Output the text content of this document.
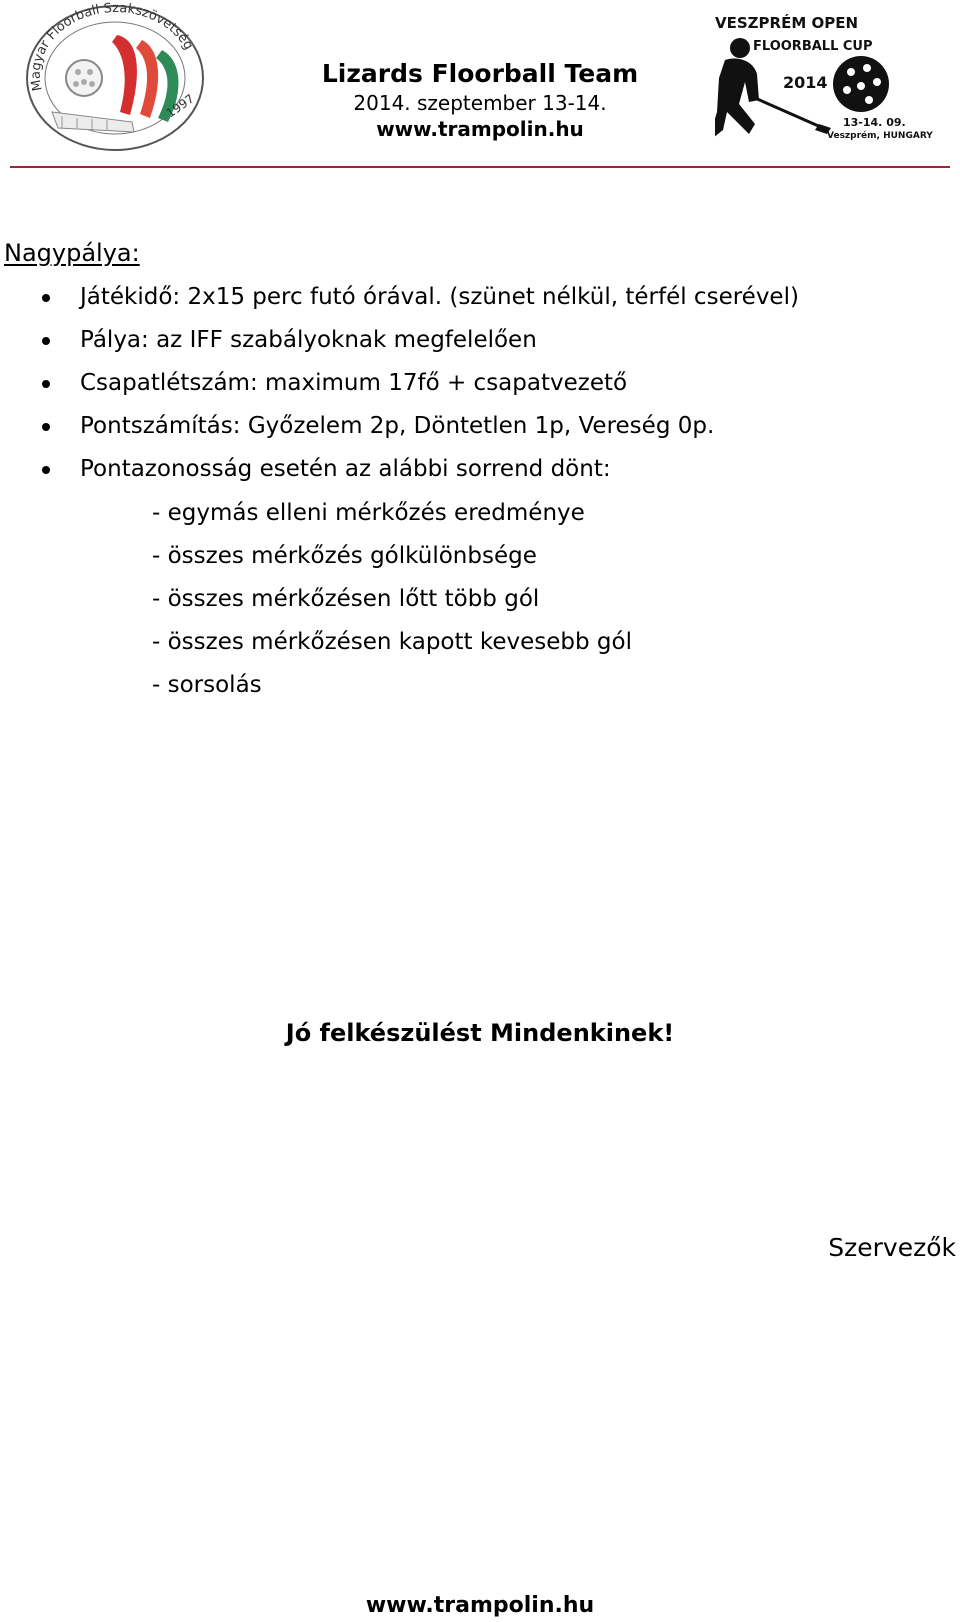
Magyar Floorball Szakszövetség
1997
Lizards Floorball Team
2014. szeptember 13-14.
www.trampolin.hu
VESZPRÉM OPEN
FLOORBALL CUP
2014
13-14. 09.
Veszprém, HUNGARY
Nagypálya:
Játékidő: 2x15 perc futó órával. (szünet nélkül, térfél cserével)
Pálya: az IFF szabályoknak megfelelően
Csapatlétszám: maximum 17fő + csapatvezető
Pontszámítás: Győzelem 2p, Döntetlen 1p, Vereség 0p.
Pontazonosság esetén az alábbi sorrend dönt:
- egymás elleni mérkőzés eredménye
- összes mérkőzés gólkülönbsége
- összes mérkőzésen lőtt több gól
- összes mérkőzésen kapott kevesebb gól
- sorsolás
Jó felkészülést Mindenkinek!
Szervezők
www.trampolin.hu
